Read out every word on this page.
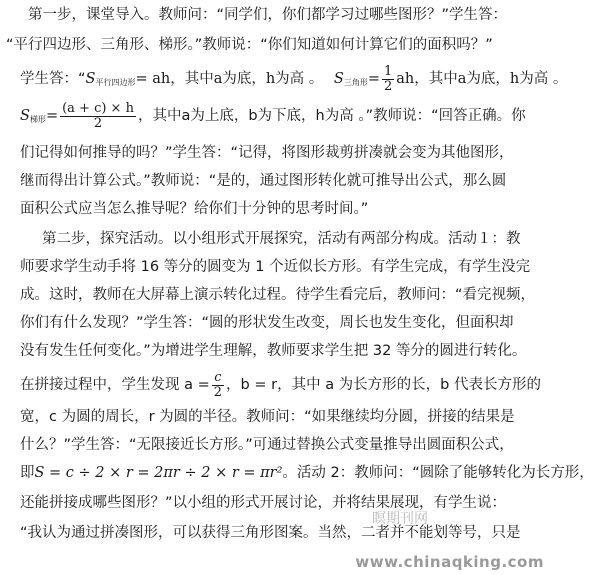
第一步，课堂导入。教师问：“同学们，你们都学习过哪些图形？”学生答：
“平行四边形、三角形、梯形。”教师说：“你们知道如何计算它们的面积吗？”
学生答：“$S_{平行四边形}=$ ah，其中a为底，h为高 。 $S_{三角形}= \frac{1}{2}$ ah，其中a为底，h为高 。
$S_{梯形}= \frac{(a + c) \times h}{2}$ ，其中a为上底，b为下底，h为高 。”教师说：“回答正确。你
们记得如何推导的吗？”学生答：“记得，将图形裁剪拼凑就会变为其他图形，
继而得出计算公式。”教师说：“是的，通过图形转化就可推导出公式，那么圆
面积公式应当怎么推导呢？给你们十分钟的思考时间。”
第二步，探究活动。以小组形式开展探究，活动有两部分构成。活动１：教
师要求学生动手将 16 等分的圆变为 1 个近似长方形。有学生完成，有学生没完
成。这时，教师在大屏幕上演示转化过程。待学生看完后，教师问：“看完视频，
你们有什么发现？”学生答：“圆的形状发生改变，周长也发生变化，但面积却
没有发生任何变化。”为增进学生理解，教师要求学生把 32 等分的圆进行转化。
在拼接过程中，学生发现 $a = \frac{c}{2}$ ，b = r，其中 a 为长方形的长，b 代表长方形的
宽，c 为圆的周长，r 为圆的半径。教师问：“如果继续均分圆，拼接的结果是
什么？”学生答：“无限接近长方形。”可通过替换公式变量推导出圆面积公式，
即S = c ÷ 2 × r = 2πr ÷ 2 × r = πr²。活动 2：教师问：“圆除了能够转化为长方形，
还能拼接成哪些图形？”以小组的形式开展讨论，并将结果展现，有学生说：
“我认为通过拼凑图形，可以获得三角形图案。当然，二者并不能划等号，只是
瞑期刊网
www.chinaqking.com
